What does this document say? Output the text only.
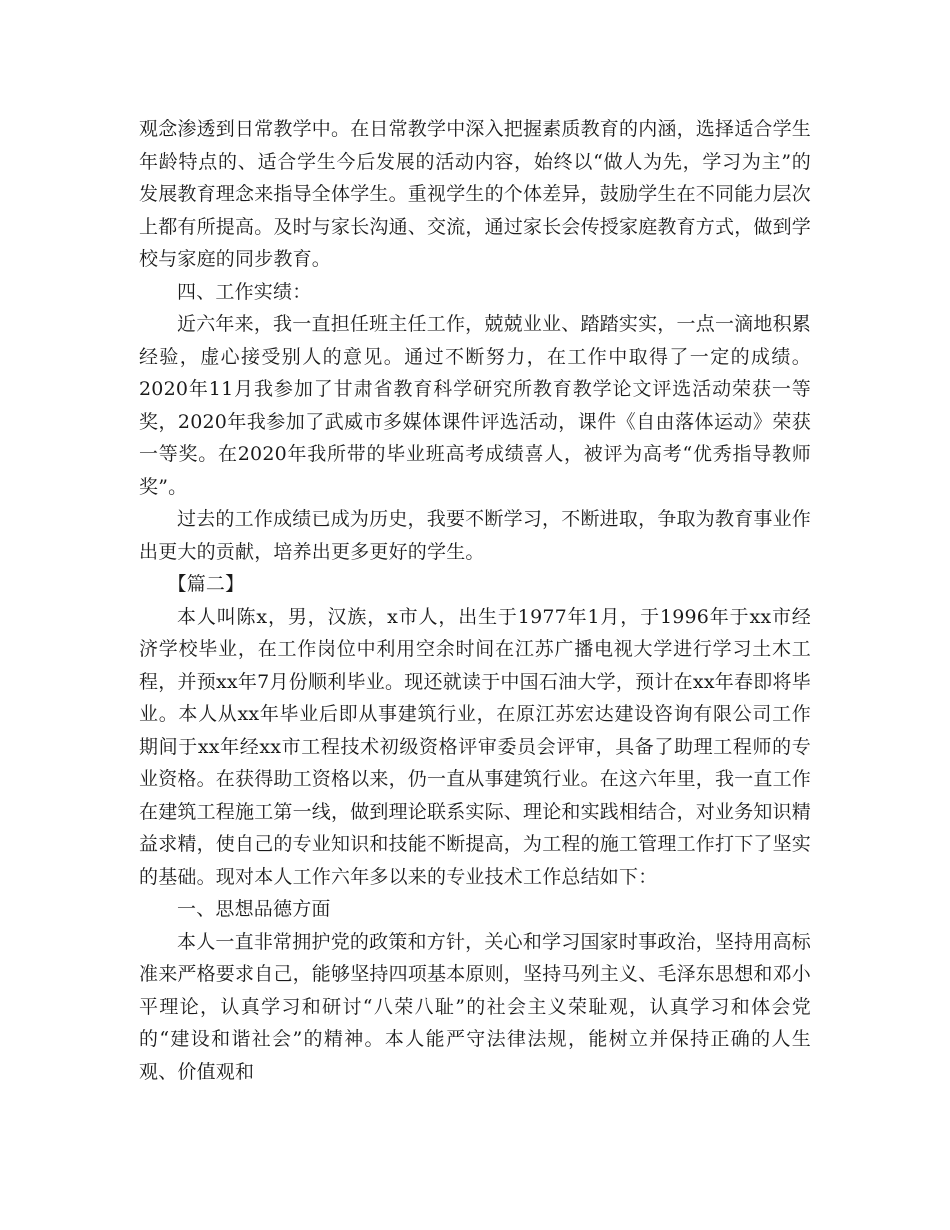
观念渗透到日常教学中。在日常教学中深入把握素质教育的内涵，选择适合学生年龄特点的、适合学生今后发展的活动内容，始终以“做人为先，学习为主”的发展教育理念来指导全体学生。重视学生的个体差异，鼓励学生在不同能力层次上都有所提高。及时与家长沟通、交流，通过家长会传授家庭教育方式，做到学校与家庭的同步教育。

四、工作实绩：

近六年来，我一直担任班主任工作，兢兢业业、踏踏实实，一点一滴地积累经验，虚心接受别人的意见。通过不断努力，在工作中取得了一定的成绩。2020年11月我参加了甘肃省教育科学研究所教育教学论文评选活动荣获一等奖，2020年我参加了武威市多媒体课件评选活动，课件《自由落体运动》荣获一等奖。在2020年我所带的毕业班高考成绩喜人，被评为高考“优秀指导教师奖”。

过去的工作成绩已成为历史，我要不断学习，不断进取，争取为教育事业作出更大的贡献，培养出更多更好的学生。

【篇二】

本人叫陈x，男，汉族，x市人，出生于1977年1月，于1996年于xx市经济学校毕业，在工作岗位中利用空余时间在江苏广播电视大学进行学习土木工程，并预xx年7月份顺利毕业。现还就读于中国石油大学，预计在xx年春即将毕业。本人从xx年毕业后即从事建筑行业，在原江苏宏达建设咨询有限公司工作期间于xx年经xx市工程技术初级资格评审委员会评审，具备了助理工程师的专业资格。在获得助工资格以来，仍一直从事建筑行业。在这六年里，我一直工作在建筑工程施工第一线，做到理论联系实际、理论和实践相结合，对业务知识精益求精，使自己的专业知识和技能不断提高，为工程的施工管理工作打下了坚实的基础。现对本人工作六年多以来的专业技术工作总结如下：

一、思想品德方面

本人一直非常拥护党的政策和方针，关心和学习国家时事政治，坚持用高标准来严格要求自己，能够坚持四项基本原则，坚持马列主义、毛泽东思想和邓小平理论，认真学习和研讨“八荣八耻”的社会主义荣耻观，认真学习和体会党的“建设和谐社会”的精神。本人能严守法律法规，能树立并保持正确的人生观、价值观和
